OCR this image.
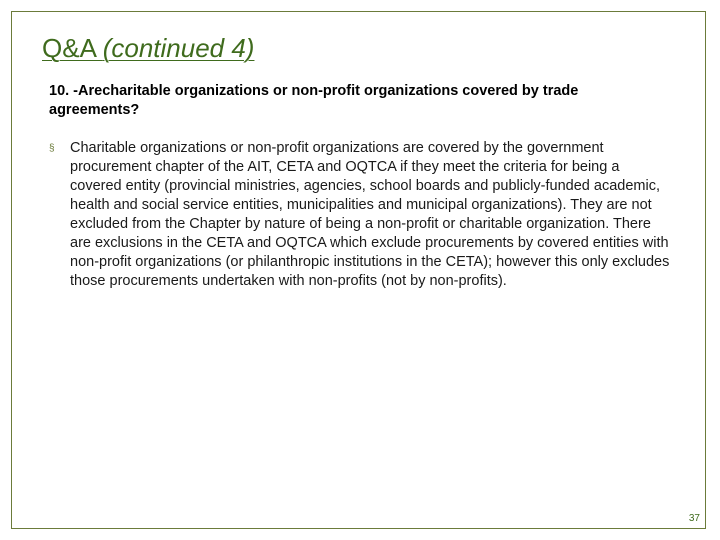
Q&A (continued 4)
10. -Arecharitable organizations or non-profit organizations covered by trade agreements?
§	Charitable organizations or non-profit organizations are covered by the government procurement chapter of the AIT, CETA and OQTCA if they meet the criteria for being a covered entity (provincial ministries, agencies, school boards and publicly-funded academic, health and social service entities, municipalities and municipal organizations). They are not excluded from the Chapter by nature of being a non-profit or charitable organization. There are exclusions in the CETA and OQTCA which exclude procurements by covered entities with non-profit organizations (or philanthropic institutions in the CETA); however this only excludes those procurements undertaken with non-profits (not by non-profits).
37
